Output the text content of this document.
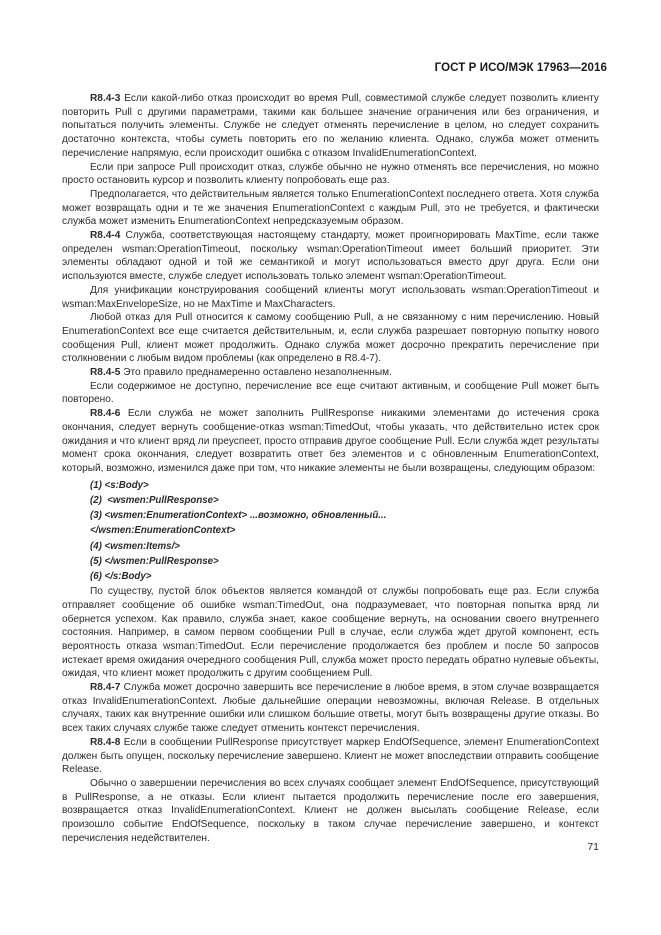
ГОСТ Р ИСО/МЭК 17963—2016

R8.4-3 Если какой-либо отказ происходит во время Pull, совместимой службе следует позволить клиенту повторить Pull с другими параметрами, такими как большее значение ограничения или без ограничения, и попытаться получить элементы. Службе не следует отменять перечисление в целом, но следует сохранить достаточно контекста, чтобы суметь повторить его по желанию клиента. Однако, служба может отменить перечисление напрямую, если происходит ошибка с отказом InvalidEnumerationContext.

Если при запросе Pull происходит отказ, службе обычно не нужно отменять все перечисления, но можно просто остановить курсор и позволить клиенту попробовать еще раз.

Предполагается, что действительным является только EnumerationContext последнего ответа. Хотя служба может возвращать одни и те же значения EnumerationContext с каждым Pull, это не требуется, и фактически служба может изменить EnumerationContext непредсказуемым образом.

R8.4-4 Служба, соответствующая настоящему стандарту, может проигнорировать MaxTime, если также определен wsman:OperationTimeout, поскольку wsman:OperationTimeout имеет больший приоритет. Эти элементы обладают одной и той же семантикой и могут использоваться вместо друг друга. Если они используются вместе, службе следует использовать только элемент wsman:OperationTimeout.

Для унификации конструирования сообщений клиенты могут использовать wsman:OperationTimeout и wsman:MaxEnvelopeSize, но не MaxTime и MaxCharacters.

Любой отказ для Pull относится к самому сообщению Pull, а не связанному с ним перечислению. Новый EnumerationContext все еще считается действительным, и, если служба разрешает повторную попытку нового сообщения Pull, клиент может продолжить. Однако служба может досрочно прекратить перечисление при столкновении с любым видом проблемы (как определено в R8.4-7).

R8.4-5 Это правило преднамеренно оставлено незаполненным.

Если содержимое не доступно, перечисление все еще считают активным, и сообщение Pull может быть повторено.

R8.4-6 Если служба не может заполнить PullResponse никакими элементами до истечения срока окончания, следует вернуть сообщение-отказ wsman:TimedOut, чтобы указать, что действительно истек срок ожидания и что клиент вряд ли преуспеет, просто отправив другое сообщение Pull. Если служба ждет результаты момент срока окончания, следует возвратить ответ без элементов и с обновленным EnumerationContext, который, возможно, изменился даже при том, что никакие элементы не были возвращены, следующим образом:

(1) <s:Body>
(2)  <wsmen:PullResponse>
(3) <wsmen:EnumerationContext> ...возможно, обновленный...
</wsmen:EnumerationContext>
(4) <wsmen:Items/>
(5) </wsmen:PullResponse>
(6) </s:Body>

По существу, пустой блок объектов является командой от службы попробовать еще раз. Если служба отправляет сообщение об ошибке wsman:TimedOut, она подразумевает, что повторная попытка вряд ли обернется успехом. Как правило, служба знает, какое сообщение вернуть, на основании своего внутреннего состояния. Например, в самом первом сообщении Pull в случае, если служба ждет другой компонент, есть вероятность отказа wsman:TimedOut. Если перечисление продолжается без проблем и после 50 запросов истекает время ожидания очередного сообщения Pull, служба может просто передать обратно нулевые объекты, ожидая, что клиент может продолжить с другим сообщением Pull.

R8.4-7 Служба может досрочно завершить все перечисление в любое время, в этом случае возвращается отказ InvalidEnumerationContext. Любые дальнейшие операции невозможны, включая Release. В отдельных случаях, таких как внутренние ошибки или слишком большие ответы, могут быть возвращены другие отказы. Во всех таких случаях службе также следует отменить контекст перечисления.

R8.4-8 Если в сообщении PullResponse присутствует маркер EndOfSequence, элемент EnumerationContext должен быть опущен, поскольку перечисление завершено. Клиент не может впоследствии отправить сообщение Release.

Обычно о завершении перечисления во всех случаях сообщает элемент EndOfSequence, присутствующий в PullResponse, а не отказы. Если клиент пытается продолжить перечисление после его завершения, возвращается отказ InvalidEnumerationContext. Клиент не должен высылать сообщение Release, если произошло событие EndOfSequence, поскольку в таком случае перечисление завершено, и контекст перечисления недействителен.

71
